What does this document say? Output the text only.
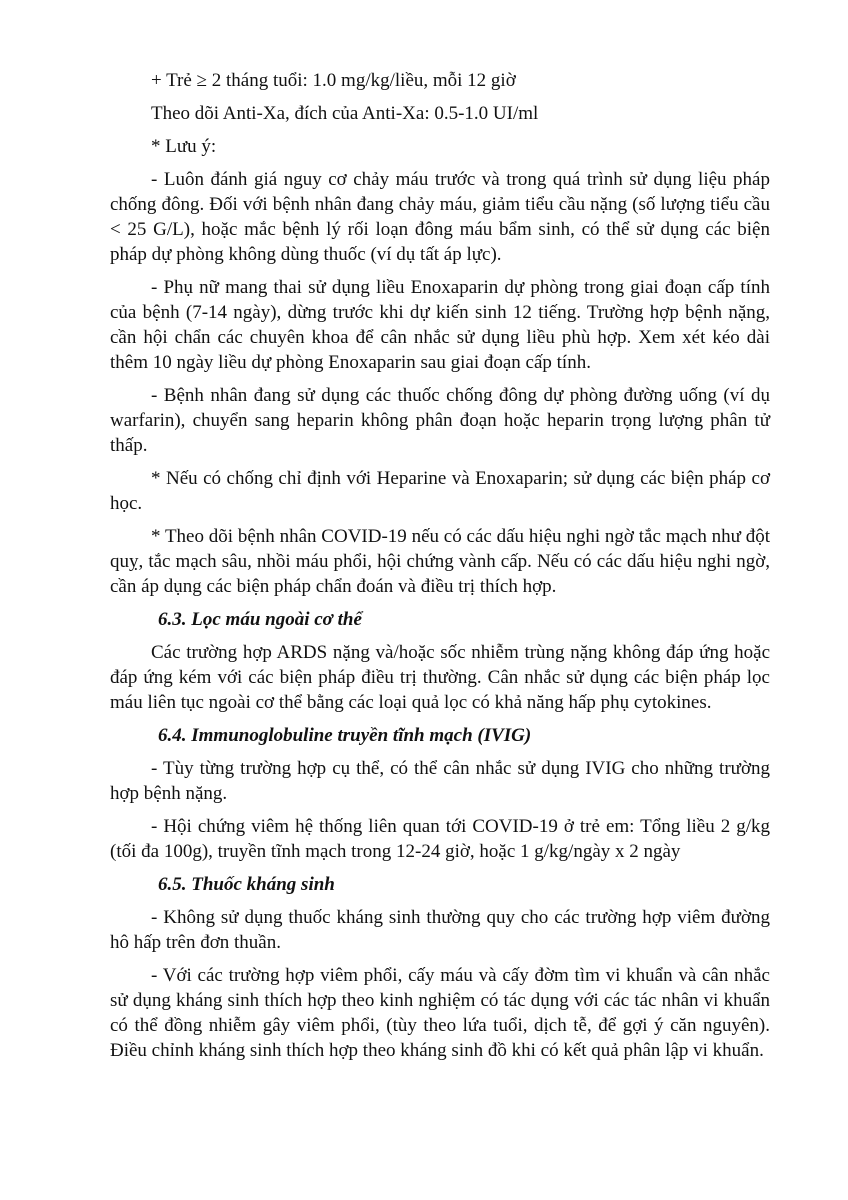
+ Trẻ ≥ 2 tháng tuổi: 1.0 mg/kg/liều, mỗi 12 giờ

Theo dõi Anti-Xa, đích của Anti-Xa: 0.5-1.0 UI/ml

* Lưu ý:

- Luôn đánh giá nguy cơ chảy máu trước và trong quá trình sử dụng liệu pháp chống đông. Đối với bệnh nhân đang chảy máu, giảm tiểu cầu nặng (số lượng tiểu cầu < 25 G/L), hoặc mắc bệnh lý rối loạn đông máu bẩm sinh, có thể sử dụng các biện pháp dự phòng không dùng thuốc (ví dụ tất áp lực).

- Phụ nữ mang thai sử dụng liều Enoxaparin dự phòng trong giai đoạn cấp tính của bệnh (7-14 ngày), dừng trước khi dự kiến sinh 12 tiếng. Trường hợp bệnh nặng, cần hội chẩn các chuyên khoa để cân nhắc sử dụng liều phù hợp. Xem xét kéo dài thêm 10 ngày liều dự phòng Enoxaparin sau giai đoạn cấp tính.

- Bệnh nhân đang sử dụng các thuốc chống đông dự phòng đường uống (ví dụ warfarin), chuyển sang heparin không phân đoạn hoặc heparin trọng lượng phân tử thấp.

* Nếu có chống chỉ định với Heparine và Enoxaparin; sử dụng các biện pháp cơ học.

* Theo dõi bệnh nhân COVID-19 nếu có các dấu hiệu nghi ngờ tắc mạch như đột quỵ, tắc mạch sâu, nhồi máu phổi, hội chứng vành cấp. Nếu có các dấu hiệu nghi ngờ, cần áp dụng các biện pháp chẩn đoán và điều trị thích hợp.

6.3. Lọc máu ngoài cơ thể

Các trường hợp ARDS nặng và/hoặc sốc nhiễm trùng nặng không đáp ứng hoặc đáp ứng kém với các biện pháp điều trị thường. Cân nhắc sử dụng các biện pháp lọc máu liên tục ngoài cơ thể bằng các loại quả lọc có khả năng hấp phụ cytokines.

6.4. Immunoglobuline truyền tĩnh mạch (IVIG)

- Tùy từng trường hợp cụ thể, có thể cân nhắc sử dụng IVIG cho những trường hợp bệnh nặng.

- Hội chứng viêm hệ thống liên quan tới COVID-19 ở trẻ em: Tổng liều 2 g/kg (tối đa 100g), truyền tĩnh mạch trong 12-24 giờ, hoặc 1 g/kg/ngày x 2 ngày

6.5. Thuốc kháng sinh

- Không sử dụng thuốc kháng sinh thường quy cho các trường hợp viêm đường hô hấp trên đơn thuần.

- Với các trường hợp viêm phổi, cấy máu và cấy đờm tìm vi khuẩn và cân nhắc sử dụng kháng sinh thích hợp theo kinh nghiệm có tác dụng với các tác nhân vi khuẩn có thể đồng nhiễm gây viêm phổi, (tùy theo lứa tuổi, dịch tễ, để gợi ý căn nguyên). Điều chỉnh kháng sinh thích hợp theo kháng sinh đồ khi có kết quả phân lập vi khuẩn.
